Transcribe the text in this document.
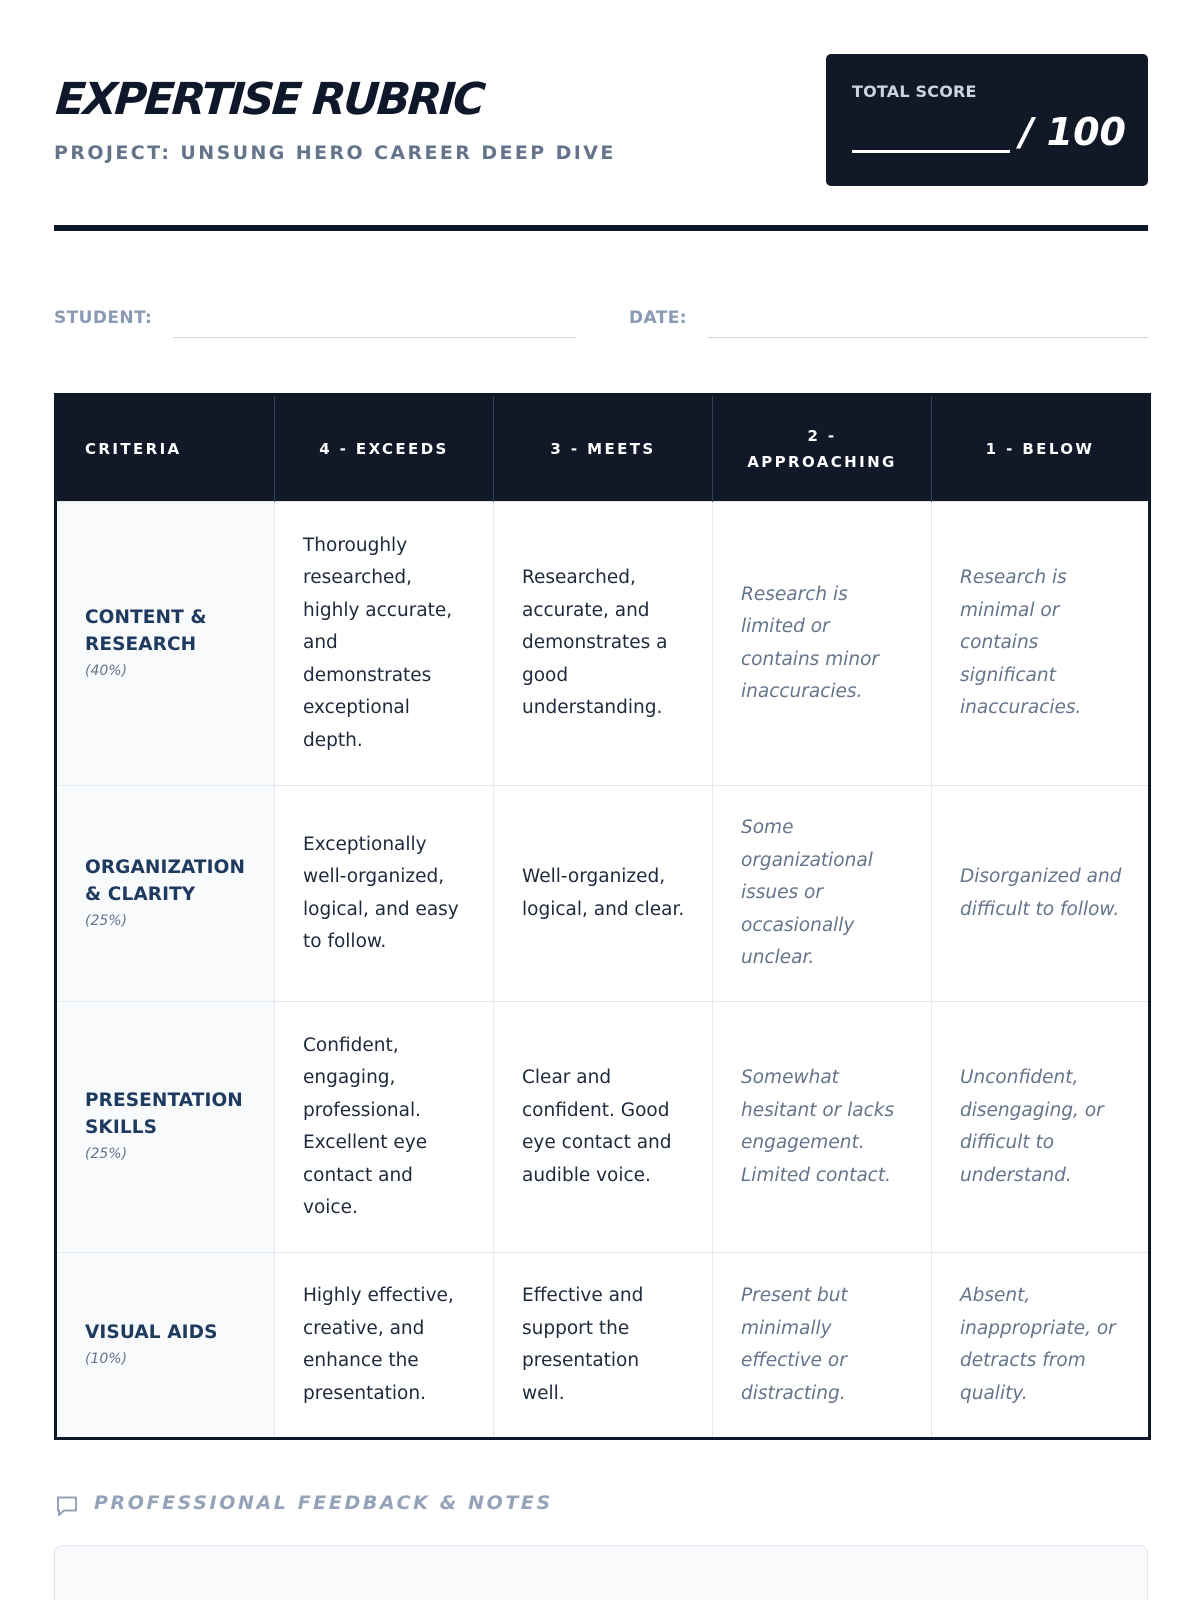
EXPERTISE RUBRIC
PROJECT: UNSUNG HERO CAREER DEEP DIVE
TOTAL SCORE
/ 100
STUDENT:	DATE:
CRITERIA	4 - EXCEEDS	3 - MEETS	2 - APPROACHING	1 - BELOW

CONTENT & RESEARCH
(40%)	Thoroughly researched, highly accurate, and demonstrates exceptional depth.	Researched, accurate, and demonstrates a good understanding.	Research is limited or contains minor inaccuracies.	Research is minimal or contains significant inaccuracies.

ORGANIZATION & CLARITY
(25%)	Exceptionally well-organized, logical, and easy to follow.	Well-organized, logical, and clear.	Some organizational issues or occasionally unclear.	Disorganized and difficult to follow.

PRESENTATION SKILLS
(25%)	Confident, engaging, professional. Excellent eye contact and voice.	Clear and confident. Good eye contact and audible voice.	Somewhat hesitant or lacks engagement. Limited contact.	Unconfident, disengaging, or difficult to understand.

VISUAL AIDS
(10%)	Highly effective, creative, and enhance the presentation.	Effective and support the presentation well.	Present but minimally effective or distracting.	Absent, inappropriate, or detracts from quality.
PROFESSIONAL FEEDBACK & NOTES
